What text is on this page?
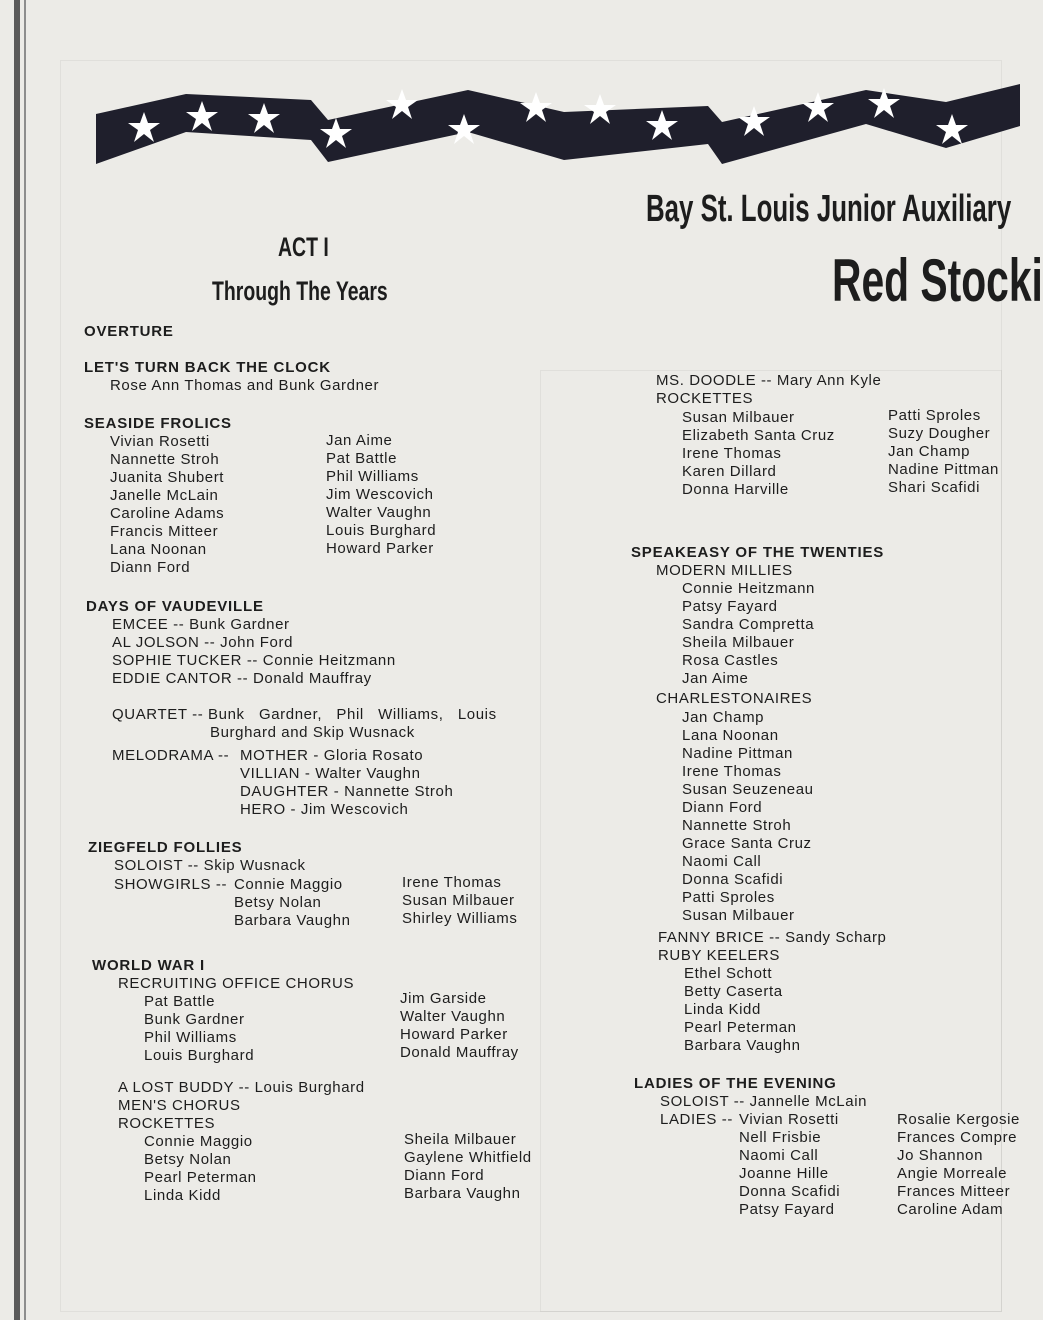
Bay St. Louis Junior Auxiliary
Red Stocki
ACT I
Through The Years
OVERTURE
LET'S TURN BACK THE CLOCK
Rose Ann Thomas and Bunk Gardner
SEASIDE FROLICS
Vivian Rosetti
Nannette Stroh
Juanita Shubert
Janelle McLain
Caroline Adams
Francis Mitteer
Lana Noonan
Diann Ford
Jan Aime
Pat Battle
Phil Williams
Jim Wescovich
Walter Vaughn
Louis Burghard
Howard Parker
DAYS OF VAUDEVILLE
EMCEE -- Bunk Gardner
AL JOLSON -- John Ford
SOPHIE TUCKER -- Connie Heitzmann
EDDIE CANTOR -- Donald Mauffray
QUARTET -- Bunk   Gardner,   Phil   Williams,   Louis
Burghard and Skip Wusnack
MELODRAMA -- MOTHER - Gloria Rosato
VILLIAN - Walter Vaughn
DAUGHTER - Nannette Stroh
HERO - Jim Wescovich
ZIEGFELD FOLLIES
SOLOIST -- Skip Wusnack
SHOWGIRLS -- Connie Maggio
Betsy Nolan
Barbara Vaughn
Irene Thomas
Susan Milbauer
Shirley Williams
WORLD WAR I
RECRUITING OFFICE CHORUS
Pat Battle
Bunk Gardner
Phil Williams
Louis Burghard
Jim Garside
Walter Vaughn
Howard Parker
Donald Mauffray
A LOST BUDDY -- Louis Burghard
MEN'S CHORUS
ROCKETTES
Connie Maggio
Betsy Nolan
Pearl Peterman
Linda Kidd
Sheila Milbauer
Gaylene Whitfield
Diann Ford
Barbara Vaughn
MS. DOODLE -- Mary Ann Kyle
ROCKETTES
Susan Milbauer
Elizabeth Santa Cruz
Irene Thomas
Karen Dillard
Donna Harville
Patti Sproles
Suzy Dougher
Jan Champ
Nadine Pittman
Shari Scafidi
SPEAKEASY OF THE TWENTIES
MODERN MILLIES
Connie Heitzmann
Patsy Fayard
Sandra Compretta
Sheila Milbauer
Rosa Castles
Jan Aime
CHARLESTONAIRES
Jan Champ
Lana Noonan
Nadine Pittman
Irene Thomas
Susan Seuzeneau
Diann Ford
Nannette Stroh
Grace Santa Cruz
Naomi Call
Donna Scafidi
Patti Sproles
Susan Milbauer
FANNY BRICE -- Sandy Scharp
RUBY KEELERS
Ethel Schott
Betty Caserta
Linda Kidd
Pearl Peterman
Barbara Vaughn
LADIES OF THE EVENING
SOLOIST -- Jannelle McLain
LADIES -- Vivian Rosetti
Nell Frisbie
Naomi Call
Joanne Hille
Donna Scafidi
Patsy Fayard
Rosalie Kergosie
Frances Compre
Jo Shannon
Angie Morreale
Frances Mitteer
Caroline Adam
